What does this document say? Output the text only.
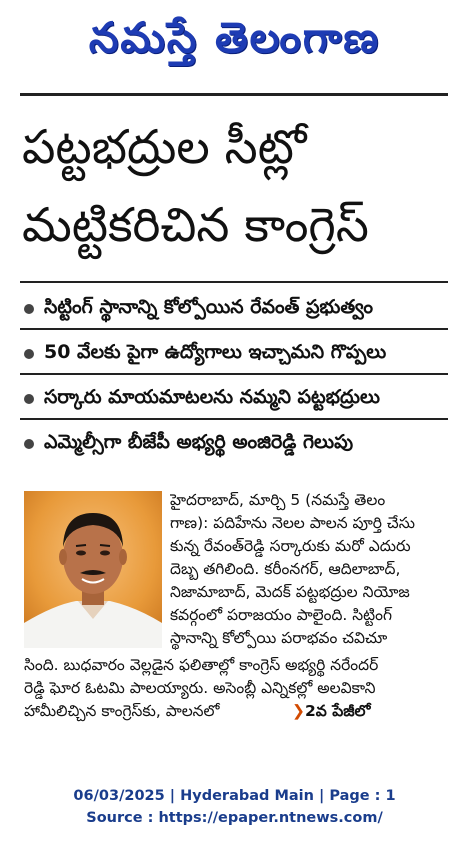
నమస్తే తెలంగాణ
పట్టభద్రుల సీట్లో
మట్టికరిచిన కాంగ్రెస్
సిట్టింగ్ స్థానాన్ని కోల్పోయిన రేవంత్ ప్రభుత్వం
50 వేలకు పైగా ఉద్యోగాలు ఇచ్చామని గొప్పలు
సర్కారు మాయమాటలను నమ్మని పట్టభద్రులు
ఎమ్మెల్సీగా బీజేపీ అభ్యర్థి అంజిరెడ్డి గెలుపు
హైదరాబాద్, మార్చి 5 (నమస్తే తెలం
గాణ): పదిహేను నెలల పాలన పూర్తి చేసు
కున్న రేవంత్‌రెడ్డి సర్కారుకు మరో ఎదురు
దెబ్బ తగిలింది. కరీంనగర్, ఆదిలాబాద్,
నిజామాబాద్, మెదక్ పట్టభద్రుల నియోజ
కవర్గంలో పరాజయం పాలైంది. సిట్టింగ్
స్థానాన్ని కోల్పోయి పరాభవం చవిచూ
సింది. బుధవారం వెల్లడైన ఫలితాల్లో కాంగ్రెస్ అభ్యర్థి నరేందర్
రెడ్డి ఘోర ఓటమి పాలయ్యారు. అసెంబ్లీ ఎన్నికల్లో అలవికాని
హామీలిచ్చిన కాంగ్రెస్‌కు, పాలనలో	❯2వ పేజీలో
06/03/2025 | Hyderabad Main | Page : 1
Source : https://epaper.ntnews.com/
